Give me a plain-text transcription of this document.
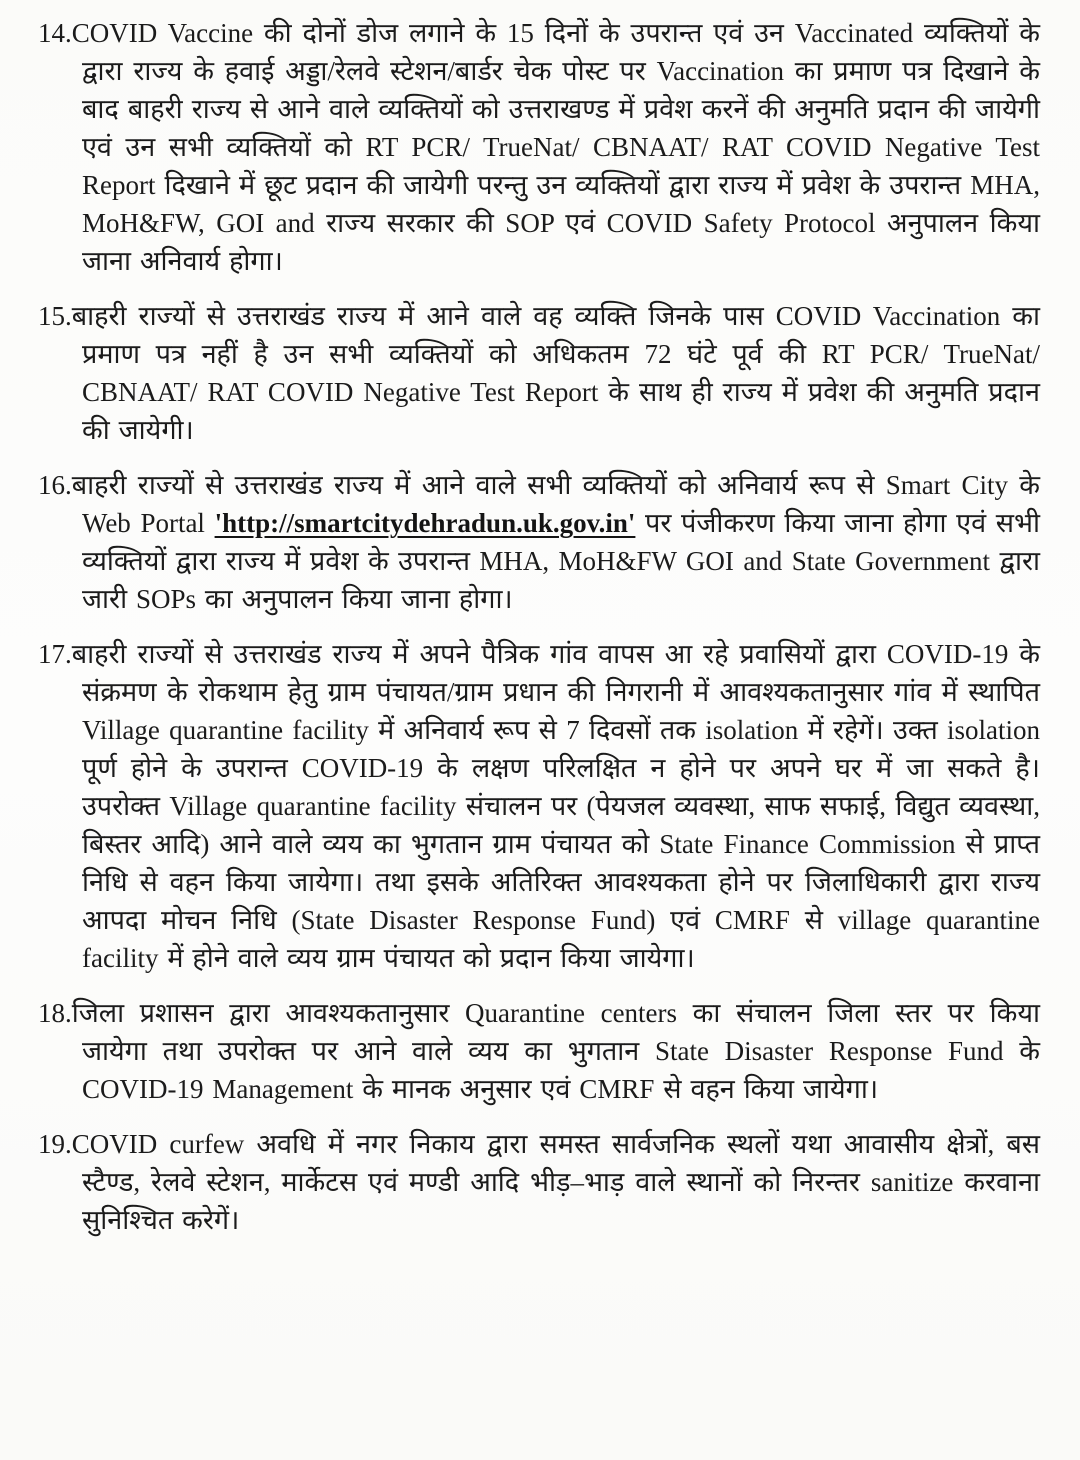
14.COVID Vaccine की दोनों डोज लगाने के 15 दिनों के उपरान्त एवं उन Vaccinated व्यक्तियों के द्वारा राज्य के हवाई अड्डा/रेलवे स्टेशन/बार्डर चेक पोस्ट पर Vaccination का प्रमाण पत्र दिखाने के बाद बाहरी राज्य से आने वाले व्यक्तियों को उत्तराखण्ड में प्रवेश करनें की अनुमति प्रदान की जायेगी एवं उन सभी व्यक्तियों को RT PCR/ TrueNat/ CBNAAT/ RAT COVID Negative Test Report दिखाने में छूट प्रदान की जायेगी परन्तु उन व्यक्तियों द्वारा राज्य में प्रवेश के उपरान्त MHA, MoH&FW, GOI and राज्य सरकार की SOP एवं COVID Safety Protocol अनुपालन किया जाना अनिवार्य होगा।
15.बाहरी राज्यों से उत्तराखंड राज्य में आने वाले वह व्यक्ति जिनके पास COVID Vaccination का प्रमाण पत्र नहीं है उन सभी व्यक्तियों को अधिकतम 72 घंटे पूर्व की RT PCR/ TrueNat/ CBNAAT/ RAT COVID Negative Test Report के साथ ही राज्य में प्रवेश की अनुमति प्रदान की जायेगी।
16.बाहरी राज्यों से उत्तराखंड राज्य में आने वाले सभी व्यक्तियों को अनिवार्य रूप से Smart City के Web Portal 'http://smartcitydehradun.uk.gov.in' पर पंजीकरण किया जाना होगा एवं सभी व्यक्तियों द्वारा राज्य में प्रवेश के उपरान्त MHA, MoH&FW GOI and State Government द्वारा जारी SOPs का अनुपालन किया जाना होगा।
17.बाहरी राज्यों से उत्तराखंड राज्य में अपने पैत्रिक गांव वापस आ रहे प्रवासियों द्वारा COVID-19 के संक्रमण के रोकथाम हेतु ग्राम पंचायत/ग्राम प्रधान की निगरानी में आवश्यकतानुसार गांव में स्थापित Village quarantine facility में अनिवार्य रूप से 7 दिवसों तक isolation में रहेगें। उक्त isolation पूर्ण होने के उपरान्त COVID-19 के लक्षण परिलक्षित न होने पर अपने घर में जा सकते है। उपरोक्त Village quarantine facility संचालन पर (पेयजल व्यवस्था, साफ सफाई, विद्युत व्यवस्था, बिस्तर आदि) आने वाले व्यय का भुगतान ग्राम पंचायत को State Finance Commission से प्राप्त निधि से वहन किया जायेगा। तथा इसके अतिरिक्त आवश्यकता होने पर जिलाधिकारी द्वारा राज्य आपदा मोचन निधि (State Disaster Response Fund) एवं CMRF से village quarantine facility में होने वाले व्यय ग्राम पंचायत को प्रदान किया जायेगा।
18.जिला प्रशासन द्वारा आवश्यकतानुसार Quarantine centers का संचालन जिला स्तर पर किया जायेगा तथा उपरोक्त पर आने वाले व्यय का भुगतान State Disaster Response Fund के COVID-19 Management के मानक अनुसार एवं CMRF से वहन किया जायेगा।
19.COVID curfew अवधि में नगर निकाय द्वारा समस्त सार्वजनिक स्थलों यथा आवासीय क्षेत्रों, बस स्टैण्ड, रेलवे स्टेशन, मार्केटस एवं मण्डी आदि भीड़–भाड़ वाले स्थानों को निरन्तर sanitize करवाना सुनिश्चित करेगें।
